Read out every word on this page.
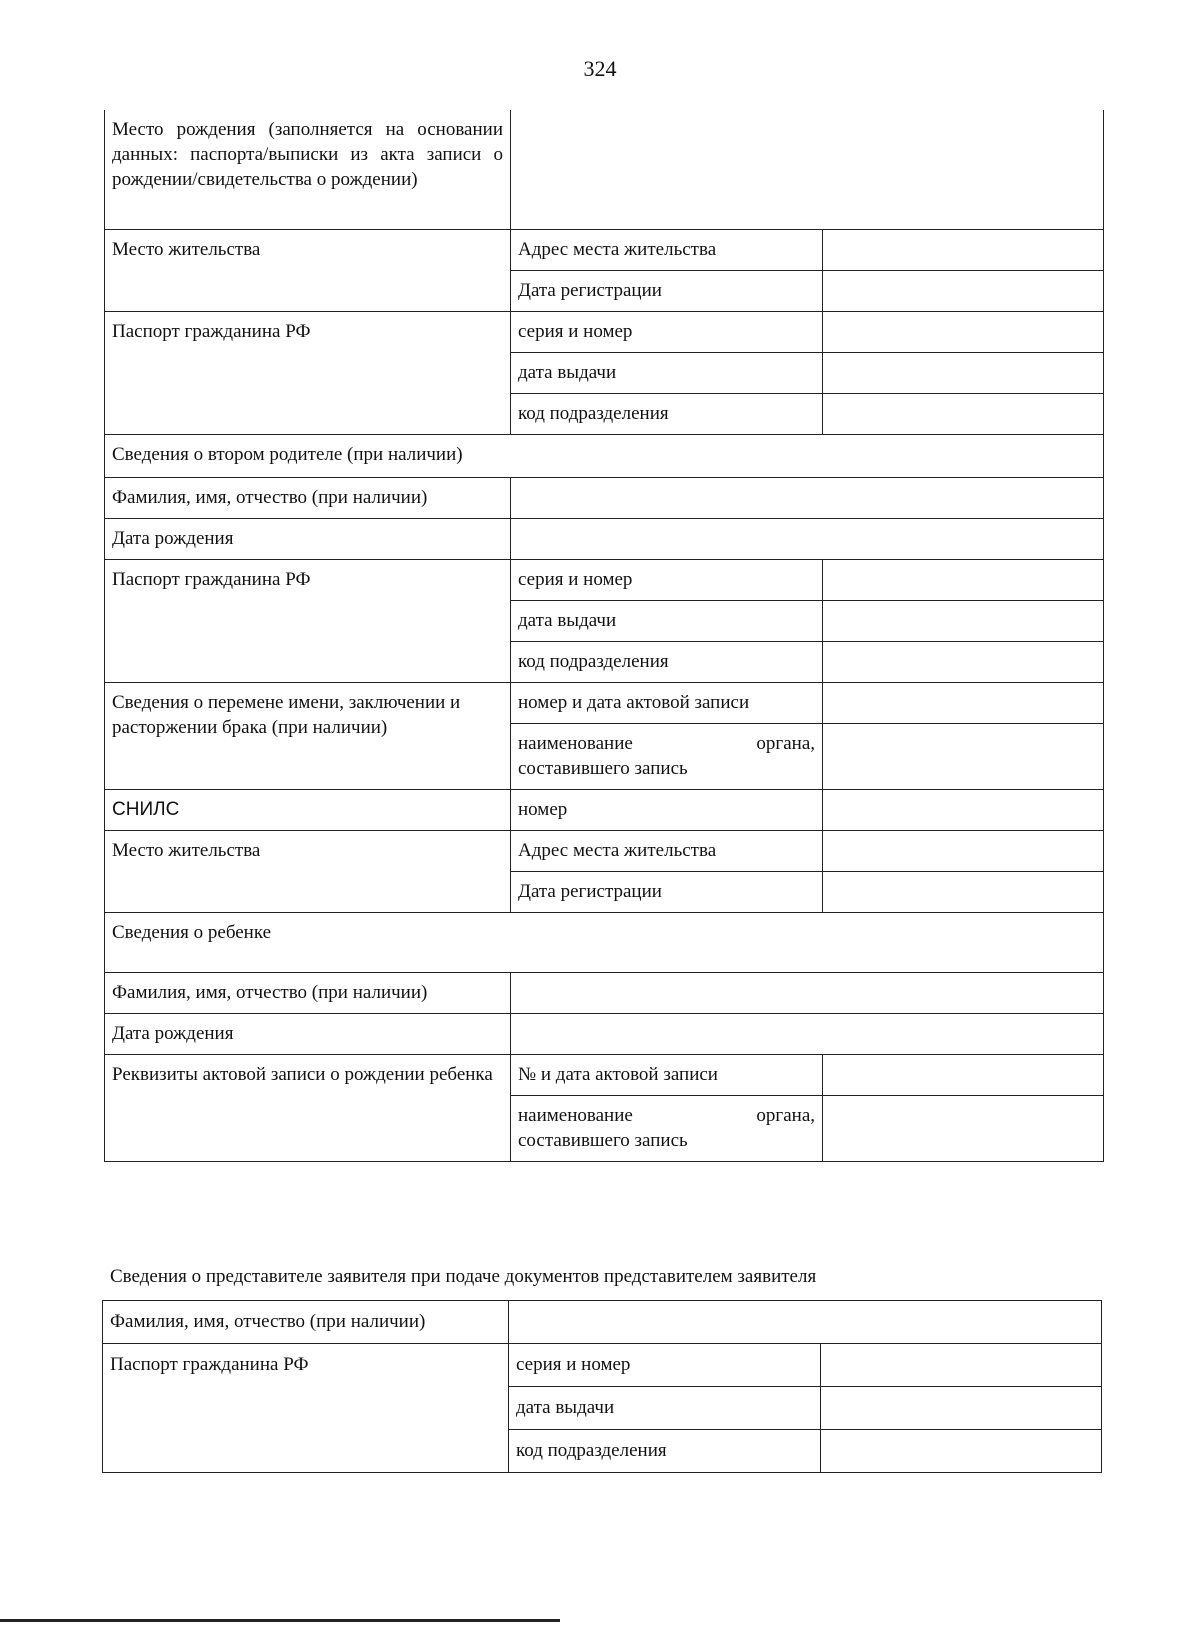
324
Место рождения (заполняется на основании данных: паспорта/выписки из акта записи о рождении/свидетельства о рождении)		
Место жительства	Адрес места жительства	
	Дата регистрации	
Паспорт гражданина РФ	серия и номер	
	дата выдачи	
	код подразделения	
Сведения о втором родителе (при наличии)		
Фамилия, имя, отчество (при наличии)		
Дата рождения		
Паспорт гражданина РФ	серия и номер	
	дата выдачи	
	код подразделения	
Сведения о перемене имени, заключении и расторжении брака (при наличии)	номер и дата актовой записи	

	наименование органа,
составившего запись	

СНИЛС	номер	
Место жительства	Адрес места жительства	
	Дата регистрации	
Сведения о ребенке		
Фамилия, имя, отчество (при наличии)		
Дата рождения		
Реквизиты актовой записи о рождении ребенка	№ и дата актовой записи	

	наименование органа,
составившего запись	

Сведения о представителе заявителя при подаче документов представителем заявителя
Фамилия, имя, отчество (при наличии)		
Паспорт гражданина РФ	серия и номер	
	дата выдачи	
	код подразделения	
